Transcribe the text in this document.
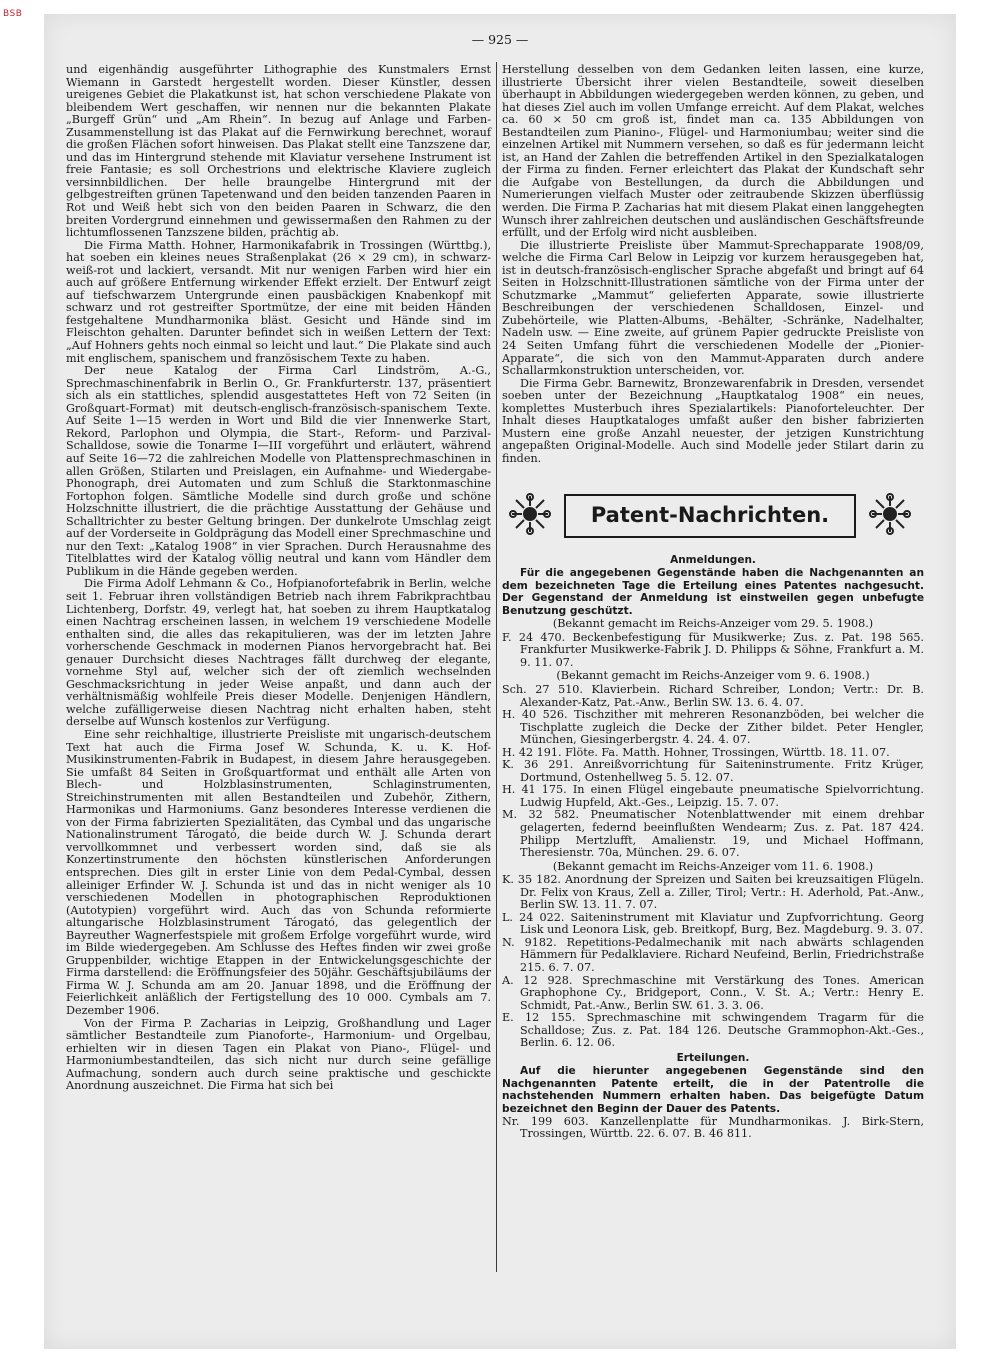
BSB
— 925 —

und eigenhändig ausgeführter Lithographie des Kunstmalers Ernst Wiemann in Garstedt hergestellt worden. Dieser Künstler, dessen ureigenes Gebiet die Plakatkunst ist, hat schon verschiedene Plakate von bleibendem Wert geschaffen, wir nennen nur die bekannten Plakate „Burgeff Grün“ und „Am Rhein“. In bezug auf Anlage und Farben-Zusammenstellung ist das Plakat auf die Fernwirkung berechnet, worauf die großen Flächen sofort hinweisen. Das Plakat stellt eine Tanzszene dar, und das im Hintergrund stehende mit Klaviatur versehene Instrument ist freie Fantasie; es soll Orchestrions und elektrische Klaviere zugleich versinnbildlichen. Der helle braungelbe Hintergrund mit der gelbgestreiften grünen Tapetenwand und den beiden tanzenden Paaren in Rot und Weiß hebt sich von den beiden Paaren in Schwarz, die den breiten Vordergrund einnehmen und gewissermaßen den Rahmen zu der lichtumflossenen Tanzszene bilden, prächtig ab.

Die Firma Matth. Hohner, Harmonikafabrik in Trossingen (Württbg.), hat soeben ein kleines neues Straßenplakat (26 × 29 cm), in schwarz-weiß-rot und lackiert, versandt. Mit nur wenigen Farben wird hier ein auch auf größere Entfernung wirkender Effekt erzielt. Der Entwurf zeigt auf tiefschwarzem Untergrunde einen pausbäckigen Knabenkopf mit schwarz und rot gestreifter Sportmütze, der eine mit beiden Händen festgehaltene Mundharmonika bläst. Gesicht und Hände sind im Fleischton gehalten. Darunter befindet sich in weißen Lettern der Text: „Auf Hohners gehts noch einmal so leicht und laut.“ Die Plakate sind auch mit englischem, spanischem und französischem Texte zu haben.

Der neue Katalog der Firma Carl Lindström, A.-G., Sprechmaschinenfabrik in Berlin O., Gr. Frankfurterstr. 137, präsentiert sich als ein stattliches, splendid ausgestattetes Heft von 72 Seiten (in Großquart-Format) mit deutsch-englisch-französisch-spanischem Texte. Auf Seite 1—15 werden in Wort und Bild die vier Innenwerke Start, Rekord, Parlophon und Olympia, die Start-, Reform- und Parzival-Schalldose, sowie die Tonarme I—III vorgeführt und erläutert, während auf Seite 16—72 die zahlreichen Modelle von Plattensprechmaschinen in allen Größen, Stilarten und Preislagen, ein Aufnahme- und Wiedergabe-Phonograph, drei Automaten und zum Schluß die Starktonmaschine Fortophon folgen. Sämtliche Modelle sind durch große und schöne Holzschnitte illustriert, die die prächtige Ausstattung der Gehäuse und Schalltrichter zu bester Geltung bringen. Der dunkelrote Umschlag zeigt auf der Vorderseite in Goldprägung das Modell einer Sprechmaschine und nur den Text: „Katalog 1908“ in vier Sprachen. Durch Herausnahme des Titelblattes wird der Katalog völlig neutral und kann vom Händler dem Publikum in die Hände gegeben werden.

Die Firma Adolf Lehmann & Co., Hofpianofortefabrik in Berlin, welche seit 1. Februar ihren vollständigen Betrieb nach ihrem Fabrikprachtbau Lichtenberg, Dorfstr. 49, verlegt hat, hat soeben zu ihrem Hauptkatalog einen Nachtrag erscheinen lassen, in welchem 19 verschiedene Modelle enthalten sind, die alles das rekapitulieren, was der im letzten Jahre vorherschende Geschmack in modernen Pianos hervorgebracht hat. Bei genauer Durchsicht dieses Nachtrages fällt durchweg der elegante, vornehme Styl auf, welcher sich der oft ziemlich wechselnden Geschmacksrichtung in jeder Weise anpaßt, und dann auch der verhältnismäßig wohlfeile Preis dieser Modelle. Denjenigen Händlern, welche zufälligerweise diesen Nachtrag nicht erhalten haben, steht derselbe auf Wunsch kostenlos zur Verfügung.

Eine sehr reichhaltige, illustrierte Preisliste mit ungarisch-deutschem Text hat auch die Firma Josef W. Schunda, K. u. K. Hof-Musikinstrumenten-Fabrik in Budapest, in diesem Jahre herausgegeben. Sie umfaßt 84 Seiten in Großquartformat und enthält alle Arten von Blech- und Holzblasinstrumenten, Schlaginstrumenten, Streichinstrumenten mit allen Bestandteilen und Zubehör, Zithern, Harmonikas und Harmoniums. Ganz besonderes Interesse verdienen die von der Firma fabrizierten Spezialitäten, das Cymbal und das ungarische Nationalinstrument Tárogató, die beide durch W. J. Schunda derart vervollkommnet und verbessert worden sind, daß sie als Konzertinstrumente den höchsten künstlerischen Anforderungen entsprechen. Dies gilt in erster Linie von dem Pedal-Cymbal, dessen alleiniger Erfinder W. J. Schunda ist und das in nicht weniger als 10 verschiedenen Modellen in photographischen Reproduktionen (Autotypien) vorgeführt wird. Auch das von Schunda reformierte altungarische Holzblasinstrument Tárogató, das gelegentlich der Bayreuther Wagnerfestspiele mit großem Erfolge vorgeführt wurde, wird im Bilde wiedergegeben. Am Schlusse des Heftes finden wir zwei große Gruppenbilder, wichtige Etappen in der Entwickelungsgeschichte der Firma darstellend: die Eröffnungsfeier des 50jähr. Geschäftsjubiläums der Firma W. J. Schunda am am 20. Januar 1898, und die Eröffnung der Feierlichkeit anläßlich der Fertigstellung des 10 000. Cymbals am 7. Dezember 1906.

Von der Firma P. Zacharias in Leipzig, Großhandlung und Lager sämtlicher Bestandteile zum Pianoforte-, Harmonium- und Orgelbau, erhielten wir in diesen Tagen ein Plakat von Piano-, Flügel- und Harmoniumbestandteilen, das sich nicht nur durch seine gefällige Aufmachung, sondern auch durch seine praktische und geschickte Anordnung auszeichnet. Die Firma hat sich bei

Herstellung desselben von dem Gedanken leiten lassen, eine kurze, illustrierte Übersicht ihrer vielen Bestandteile, soweit dieselben überhaupt in Abbildungen wiedergegeben werden können, zu geben, und hat dieses Ziel auch im vollen Umfange erreicht. Auf dem Plakat, welches ca. 60 × 50 cm groß ist, findet man ca. 135 Abbildungen von Bestandteilen zum Pianino-, Flügel- und Harmoniumbau; weiter sind die einzelnen Artikel mit Nummern versehen, so daß es für jedermann leicht ist, an Hand der Zahlen die betreffenden Artikel in den Spezialkatalogen der Firma zu finden. Ferner erleichtert das Plakat der Kundschaft sehr die Aufgabe von Bestellungen, da durch die Abbildungen und Numerierungen vielfach Muster oder zeitraubende Skizzen überflüssig werden. Die Firma P. Zacharias hat mit diesem Plakat einen langgehegten Wunsch ihrer zahlreichen deutschen und ausländischen Geschäftsfreunde erfüllt, und der Erfolg wird nicht ausbleiben.

Die illustrierte Preisliste über Mammut-Sprechapparate 1908/09, welche die Firma Carl Below in Leipzig vor kurzem herausgegeben hat, ist in deutsch-französisch-englischer Sprache abgefaßt und bringt auf 64 Seiten in Holzschnitt-Illustrationen sämtliche von der Firma unter der Schutzmarke „Mammut“ gelieferten Apparate, sowie illustrierte Beschreibungen der verschiedenen Schalldosen, Einzel- und Zubehörteile, wie Platten-Albums, -Behälter, -Schränke, Nadelhalter, Nadeln usw. — Eine zweite, auf grünem Papier gedruckte Preisliste von 24 Seiten Umfang führt die verschiedenen Modelle der „Pionier-Apparate“, die sich von den Mammut-Apparaten durch andere Schallarmkonstruktion unterscheiden, vor.

Die Firma Gebr. Barnewitz, Bronzewarenfabrik in Dresden, versendet soeben unter der Bezeichnung „Hauptkatalog 1908“ ein neues, komplettes Musterbuch ihres Spezialartikels: Pianoforteleuchter. Der Inhalt dieses Hauptkataloges umfaßt außer den bisher fabrizierten Mustern eine große Anzahl neuester, der jetzigen Kunstrichtung angepaßten Original-Modelle. Auch sind Modelle jeder Stilart darin zu finden.

Patent-Nachrichten.
Anmeldungen.

Für die angegebenen Gegenstände haben die Nachgenannten an dem bezeichneten Tage die Erteilung eines Patentes nachgesucht. Der Gegenstand der Anmeldung ist einstweilen gegen unbefugte Benutzung geschützt.

(Bekannt gemacht im Reichs-Anzeiger vom 29. 5. 1908.)

F. 24 470. Beckenbefestigung für Musikwerke; Zus. z. Pat. 198 565. Frankfurter Musikwerke-Fabrik J. D. Philipps & Söhne, Frankfurt a. M. 9. 11. 07.

(Bekannt gemacht im Reichs-Anzeiger vom 9. 6. 1908.)

Sch. 27 510. Klavierbein. Richard Schreiber, London; Vertr.: Dr. B. Alexander-Katz, Pat.-Anw., Berlin SW. 13. 6. 4. 07.

H. 40 526. Tischzither mit mehreren Resonanzböden, bei welcher die Tischplatte zugleich die Decke der Zither bildet. Peter Hengler, München, Giesingerbergstr. 4. 24. 4. 07.

H. 42 191. Flöte. Fa. Matth. Hohner, Trossingen, Württb. 18. 11. 07.

K. 36 291. Anreißvorrichtung für Saiteninstrumente. Fritz Krüger, Dortmund, Ostenhellweg 5. 5. 12. 07.

H. 41 175. In einen Flügel eingebaute pneumatische Spielvorrichtung. Ludwig Hupfeld, Akt.-Ges., Leipzig. 15. 7. 07.

M. 32 582. Pneumatischer Notenblattwender mit einem drehbar gelagerten, federnd beeinflußten Wendearm; Zus. z. Pat. 187 424. Philipp Mertzlufft, Amalienstr. 19, und Michael Hoffmann, Theresienstr. 70a, München. 29. 6. 07.

(Bekannt gemacht im Reichs-Anzeiger vom 11. 6. 1908.)

K. 35 182. Anordnung der Spreizen und Saiten bei kreuzsaitigen Flügeln. Dr. Felix von Kraus, Zell a. Ziller, Tirol; Vertr.: H. Aderhold, Pat.-Anw., Berlin SW. 13. 11. 7. 07.

L. 24 022. Saiteninstrument mit Klaviatur und Zupfvorrichtung. Georg Lisk und Leonora Lisk, geb. Breitkopf, Burg, Bez. Magdeburg. 9. 3. 07.

N. 9182. Repetitions-Pedalmechanik mit nach abwärts schlagenden Hämmern für Pedalklaviere. Richard Neufeind, Berlin, Friedrichstraße 215. 6. 7. 07.

A. 12 928. Sprechmaschine mit Verstärkung des Tones. American Graphophone Cy., Bridgeport, Conn., V. St. A.; Vertr.: Henry E. Schmidt, Pat.-Anw., Berlin SW. 61. 3. 3. 06.

E. 12 155. Sprechmaschine mit schwingendem Tragarm für die Schalldose; Zus. z. Pat. 184 126. Deutsche Grammophon-Akt.-Ges., Berlin. 6. 12. 06.

Erteilungen.

Auf die hierunter angegebenen Gegenstände sind den Nachgenannten Patente erteilt, die in der Patentrolle die nachstehenden Nummern erhalten haben. Das beigefügte Datum bezeichnet den Beginn der Dauer des Patents.

Nr. 199 603. Kanzellenplatte für Mundharmonikas. J. Birk-Stern, Trossingen, Württb. 22. 6. 07. B. 46 811.
